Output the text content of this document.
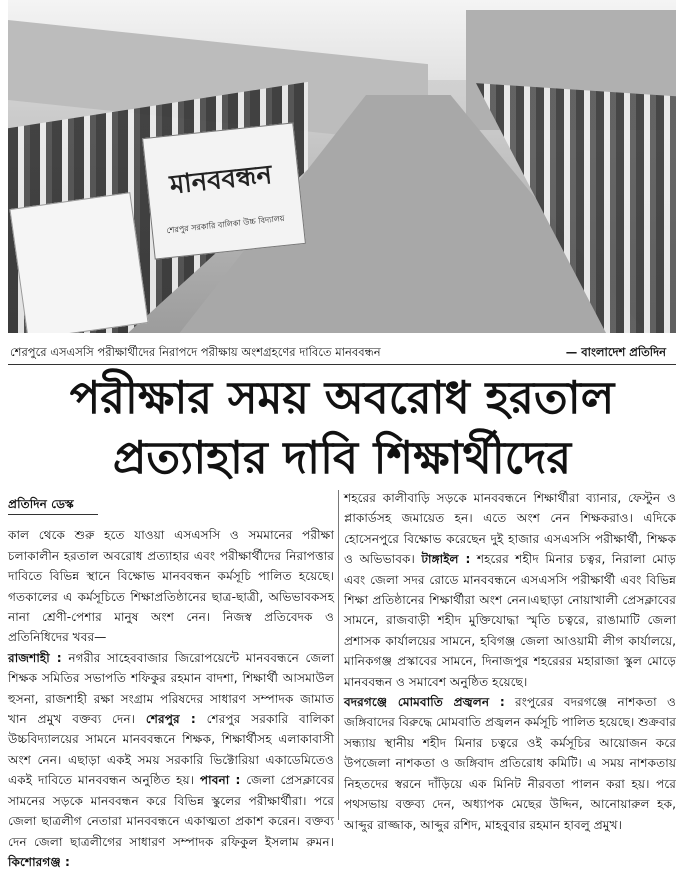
মানববন্ধন
শেরপুর সরকারি বালিকা উচ্চ বিদ্যালয়
শেরপুরে এসএসসি পরীক্ষার্থীদের নিরাপদে পরীক্ষায় অংশগ্রহণের দাবিতে মানববন্ধন	— বাংলাদেশ প্রতিদিন
পরীক্ষার সময় অবরোধ হরতাল
প্রত্যাহার দাবি শিক্ষার্থীদের
প্রতিদিন ডেস্ক

কাল থেকে শুরু হতে যাওয়া এসএসসি ও সমমানের পরীক্ষা চলাকালীন হরতাল অবরোধ প্রত্যাহার এবং পরীক্ষার্থীদের নিরাপত্তার দাবিতে বিভিন্ন স্থানে বিক্ষোভ মানববন্ধন কর্মসূচি পালিত হয়েছে। গতকালের এ কর্মসূচিতে শিক্ষাপ্রতিষ্ঠানের ছাত্র-ছাত্রী, অভিভাবকসহ নানা শ্রেণী-পেশার মানুষ অংশ নেন। নিজস্ব প্রতিবেদক ও প্রতিনিধিদের খবর—

রাজশাহী : নগরীর সাহেববাজার জিরোপয়েন্টে মানববন্ধনে জেলা শিক্ষক সমিতির সভাপতি শফিকুর রহমান বাদশা, শিক্ষার্থী আসমাউল হুসনা, রাজশাহী রক্ষা সংগ্রাম পরিষদের সাধারণ সম্পাদক জামাত খান প্রমুখ বক্তব্য দেন। শেরপুর : শেরপুর সরকারি বালিকা উচ্চবিদ্যালয়ের সামনে মানববন্ধনে শিক্ষক, শিক্ষার্থীসহ এলাকাবাসী অংশ নেন। এছাড়া একই সময় সরকারি ভিক্টোরিয়া একাডেমিতেও একই দাবিতে মানববন্ধন অনুষ্ঠিত হয়। পাবনা : জেলা প্রেসক্লাবের সামনের সড়কে মানববন্ধন করে বিভিন্ন স্কুলের পরীক্ষার্থীরা। পরে জেলা ছাত্রলীগ নেতারা মানববন্ধনে একাত্মতা প্রকাশ করেন। বক্তব্য দেন জেলা ছাত্রলীগের সাধারণ সম্পাদক রফিকুল ইসলাম রুমন। কিশোরগঞ্জ :

শহরের কালীবাড়ি সড়কে মানববন্ধনে শিক্ষার্থীরা ব্যানার, ফেস্টুন ও প্লাকার্ডসহ জমায়েত হন। এতে অংশ নেন শিক্ষকরাও। এদিকে হোসেনপুরে বিক্ষোভ করেছেন দুই হাজার এসএসসি পরীক্ষার্থী, শিক্ষক ও অভিভাবক। টাঙ্গাইল : শহরের শহীদ মিনার চত্বর, নিরালা মোড় এবং জেলা সদর রোডে মানববন্ধনে এসএসসি পরীক্ষার্থী এবং বিভিন্ন শিক্ষা প্রতিষ্ঠানের শিক্ষার্থীরা অংশ নেন।এছাড়া নোয়াখালী প্রেসক্লাবের সামনে, রাজবাড়ী শহীদ মুক্তিযোদ্ধা স্মৃতি চত্বরে, রাঙামাটি জেলা প্রশাসক কার্যালয়ের সামনে, হবিগঞ্জ জেলা আওয়ামী লীগ কার্যালয়ে, মানিকগঞ্জ প্রস্কাবের সামনে, দিনাজপুর শহরেরর মহারাজা স্কুল মোড়ে মানববন্ধন ও সমাবেশ অনুষ্ঠিত হয়েছে।

বদরগঞ্জে মোমবাতি প্রজ্বলন : রংপুরের বদরগঞ্জে নাশকতা ও জঙ্গিবাদের বিরুদ্ধে মোমবাতি প্রজ্বলন কর্মসূচি পালিত হয়েছে। শুক্রবার সন্ধ্যায় স্থানীয় শহীদ মিনার চত্বরে ওই কর্মসূচির আয়োজন করে উপজেলা নাশকতা ও জঙ্গিবাদ প্রতিরোধ কমিটি। এ সময় নাশকতায় নিহতদের স্বরনে দাঁড়িয়ে এক মিনিট নীরবতা পালন করা হয়। পরে পথসভায় বক্তব্য দেন, অধ্যাপক মেছের উদ্দিন, আনোয়ারুল হক, আব্দুর রাজ্জাক, আব্দুর রশিদ, মাহবুবার রহমান হাবলু প্রমুখ।
